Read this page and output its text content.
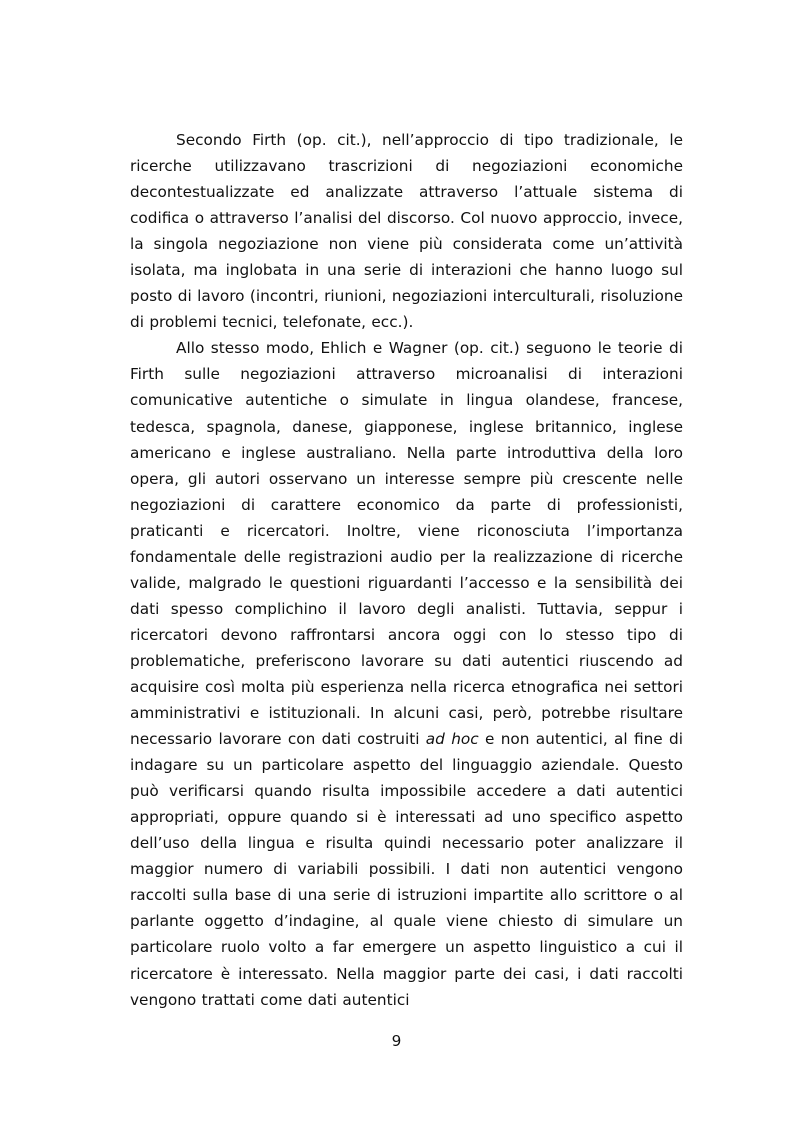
Secondo Firth (op. cit.), nell’approccio di tipo tradizionale, le ricerche utilizzavano trascrizioni di negoziazioni economiche decontestualizzate ed analizzate attraverso l’attuale sistema di codifica o attraverso l’analisi del discorso. Col nuovo approccio, invece, la singola negoziazione non viene più considerata come un’attività isolata, ma inglobata in una serie di interazioni che hanno luogo sul posto di lavoro (incontri, riunioni, negoziazioni interculturali, risoluzione di problemi tecnici, telefonate, ecc.).

Allo stesso modo, Ehlich e Wagner (op. cit.) seguono le teorie di Firth sulle negoziazioni attraverso microanalisi di interazioni comunicative autentiche o simulate in lingua olandese, francese, tedesca, spagnola, danese, giapponese, inglese britannico, inglese americano e inglese australiano. Nella parte introduttiva della loro opera, gli autori osservano un interesse sempre più crescente nelle negoziazioni di carattere economico da parte di professionisti, praticanti e ricercatori. Inoltre, viene riconosciuta l’importanza fondamentale delle registrazioni audio per la realizzazione di ricerche valide, malgrado le questioni riguardanti l’accesso e la sensibilità dei dati spesso complichino il lavoro degli analisti. Tuttavia, seppur i ricercatori devono raffrontarsi ancora oggi con lo stesso tipo di problematiche, preferiscono lavorare su dati autentici riuscendo ad acquisire così molta più esperienza nella ricerca etnografica nei settori amministrativi e istituzionali. In alcuni casi, però, potrebbe risultare necessario lavorare con dati costruiti ad hoc e non autentici, al fine di indagare su un particolare aspetto del linguaggio aziendale. Questo può verificarsi quando risulta impossibile accedere a dati autentici appropriati, oppure quando si è interessati ad uno specifico aspetto dell’uso della lingua e risulta quindi necessario poter analizzare il maggior numero di variabili possibili. I dati non autentici vengono raccolti sulla base di una serie di istruzioni impartite allo scrittore o al parlante oggetto d’indagine, al quale viene chiesto di simulare un particolare ruolo volto a far emergere un aspetto linguistico a cui il ricercatore è interessato. Nella maggior parte dei casi, i dati raccolti vengono trattati come dati autentici

9
